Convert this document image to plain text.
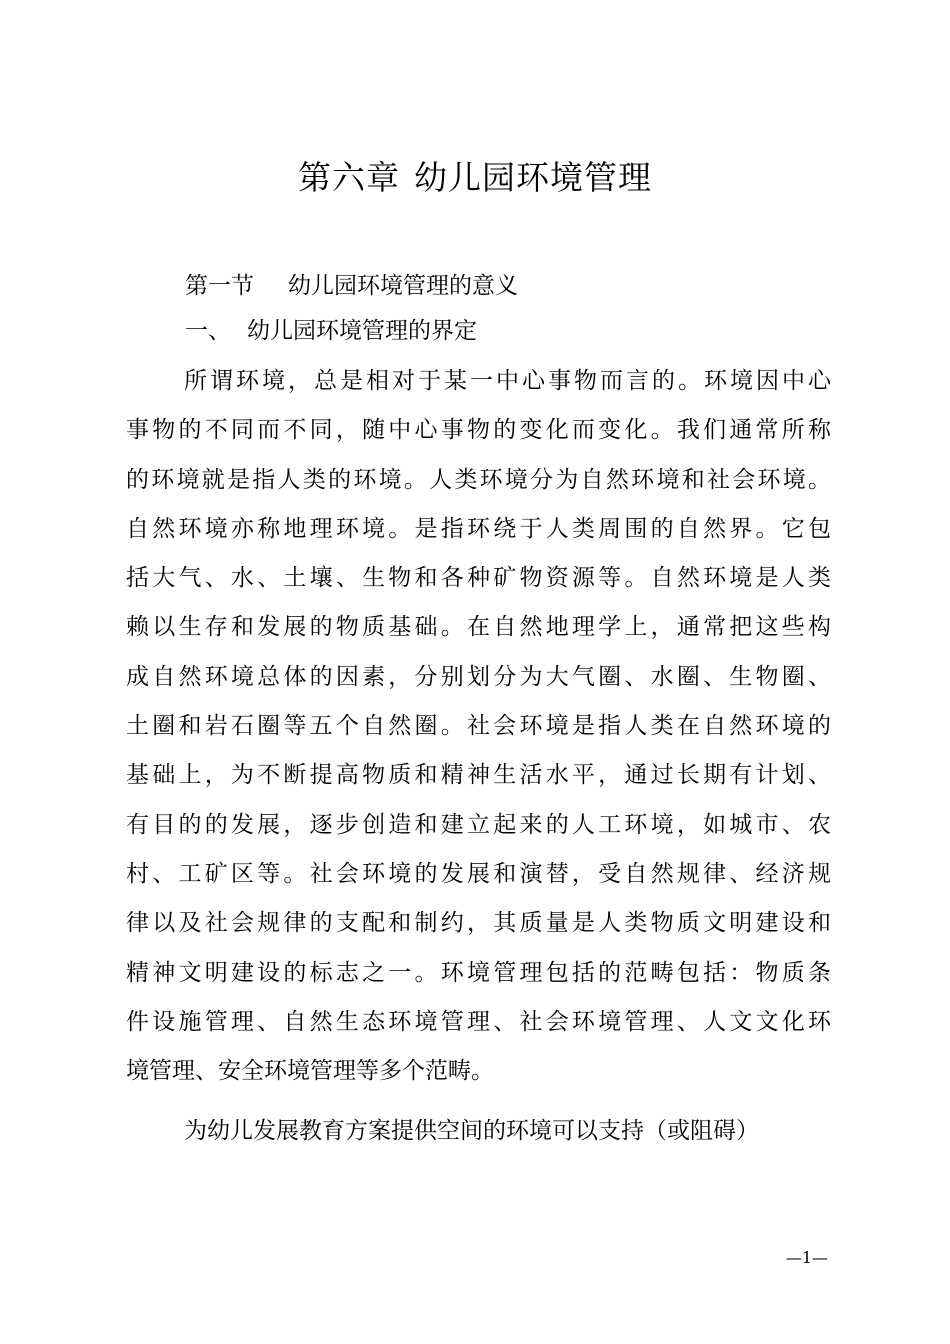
第六章 幼儿园环境管理
第一节 幼儿园环境管理的意义
一、 幼儿园环境管理的界定
所谓环境，总是相对于某一中心事物而言的。环境因中心
事物的不同而不同，随中心事物的变化而变化。我们通常所称
的环境就是指人类的环境。人类环境分为自然环境和社会环境。
自然环境亦称地理环境。是指环绕于人类周围的自然界。它包
括大气、水、土壤、生物和各种矿物资源等。自然环境是人类
赖以生存和发展的物质基础。在自然地理学上，通常把这些构
成自然环境总体的因素，分别划分为大气圈、水圈、生物圈、
土圈和岩石圈等五个自然圈。社会环境是指人类在自然环境的
基础上，为不断提高物质和精神生活水平，通过长期有计划、
有目的的发展，逐步创造和建立起来的人工环境，如城市、农
村、工矿区等。社会环境的发展和演替，受自然规律、经济规
律以及社会规律的支配和制约，其质量是人类物质文明建设和
精神文明建设的标志之一。环境管理包括的范畴包括：物质条
件设施管理、自然生态环境管理、社会环境管理、人文文化环
境管理、安全环境管理等多个范畴。
为幼儿发展教育方案提供空间的环境可以支持（或阻碍）
—1—
